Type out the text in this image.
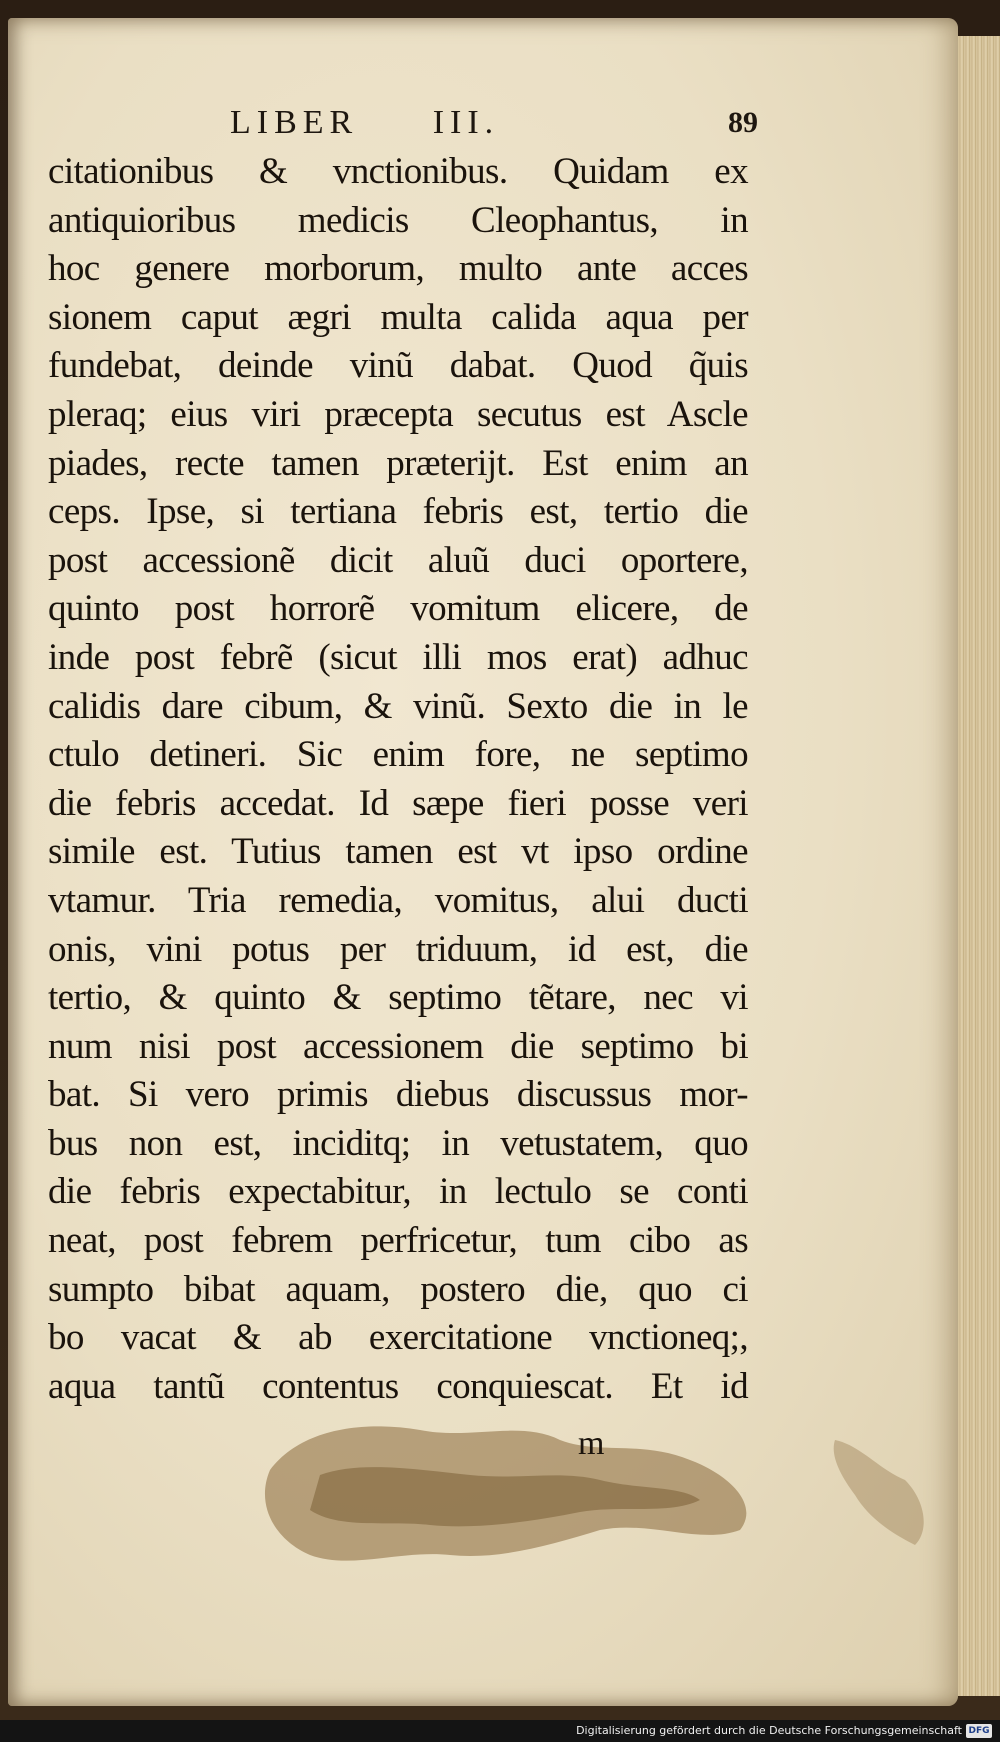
LIBER III.	89
citationibus & vnctionibus. Quidam ex
antiquioribus medicis Cleophantus, in
hoc genere morborum, multo ante acces
sionem caput ægri multa calida aqua per
fundebat, deinde vinũ dabat. Quod q̃uis
pleraq; eius viri præcepta secutus est Ascle
piades, recte tamen præterijt. Est enim an
ceps. Ipse, si tertiana febris est, tertio die
post accessionẽ dicit aluũ duci oportere,
quinto post horrorẽ vomitum elicere, de
inde post febrẽ (sicut illi mos erat) adhuc
calidis dare cibum, & vinũ. Sexto die in le
ctulo detineri. Sic enim fore, ne septimo
die febris accedat. Id sæpe fieri posse veri
simile est. Tutius tamen est vt ipso ordine
vtamur. Tria remedia, vomitus, alui ducti
onis, vini potus per triduum, id est, die
tertio, & quinto & septimo tẽtare, nec vi
num nisi post accessionem die septimo bi
bat. Si vero primis diebus discussus mor-
bus non est, inciditq; in vetustatem, quo
die febris expectabitur, in lectulo se conti
neat, post febrem perfricetur, tum cibo as
sumpto bibat aquam, postero die, quo ci
bo vacat & ab exercitatione vnctioneq;,
aqua tantũ contentus conquiescat. Et id
m
Digitalisierung gefördert durch die Deutsche Forschungsgemeinschaft DFG
